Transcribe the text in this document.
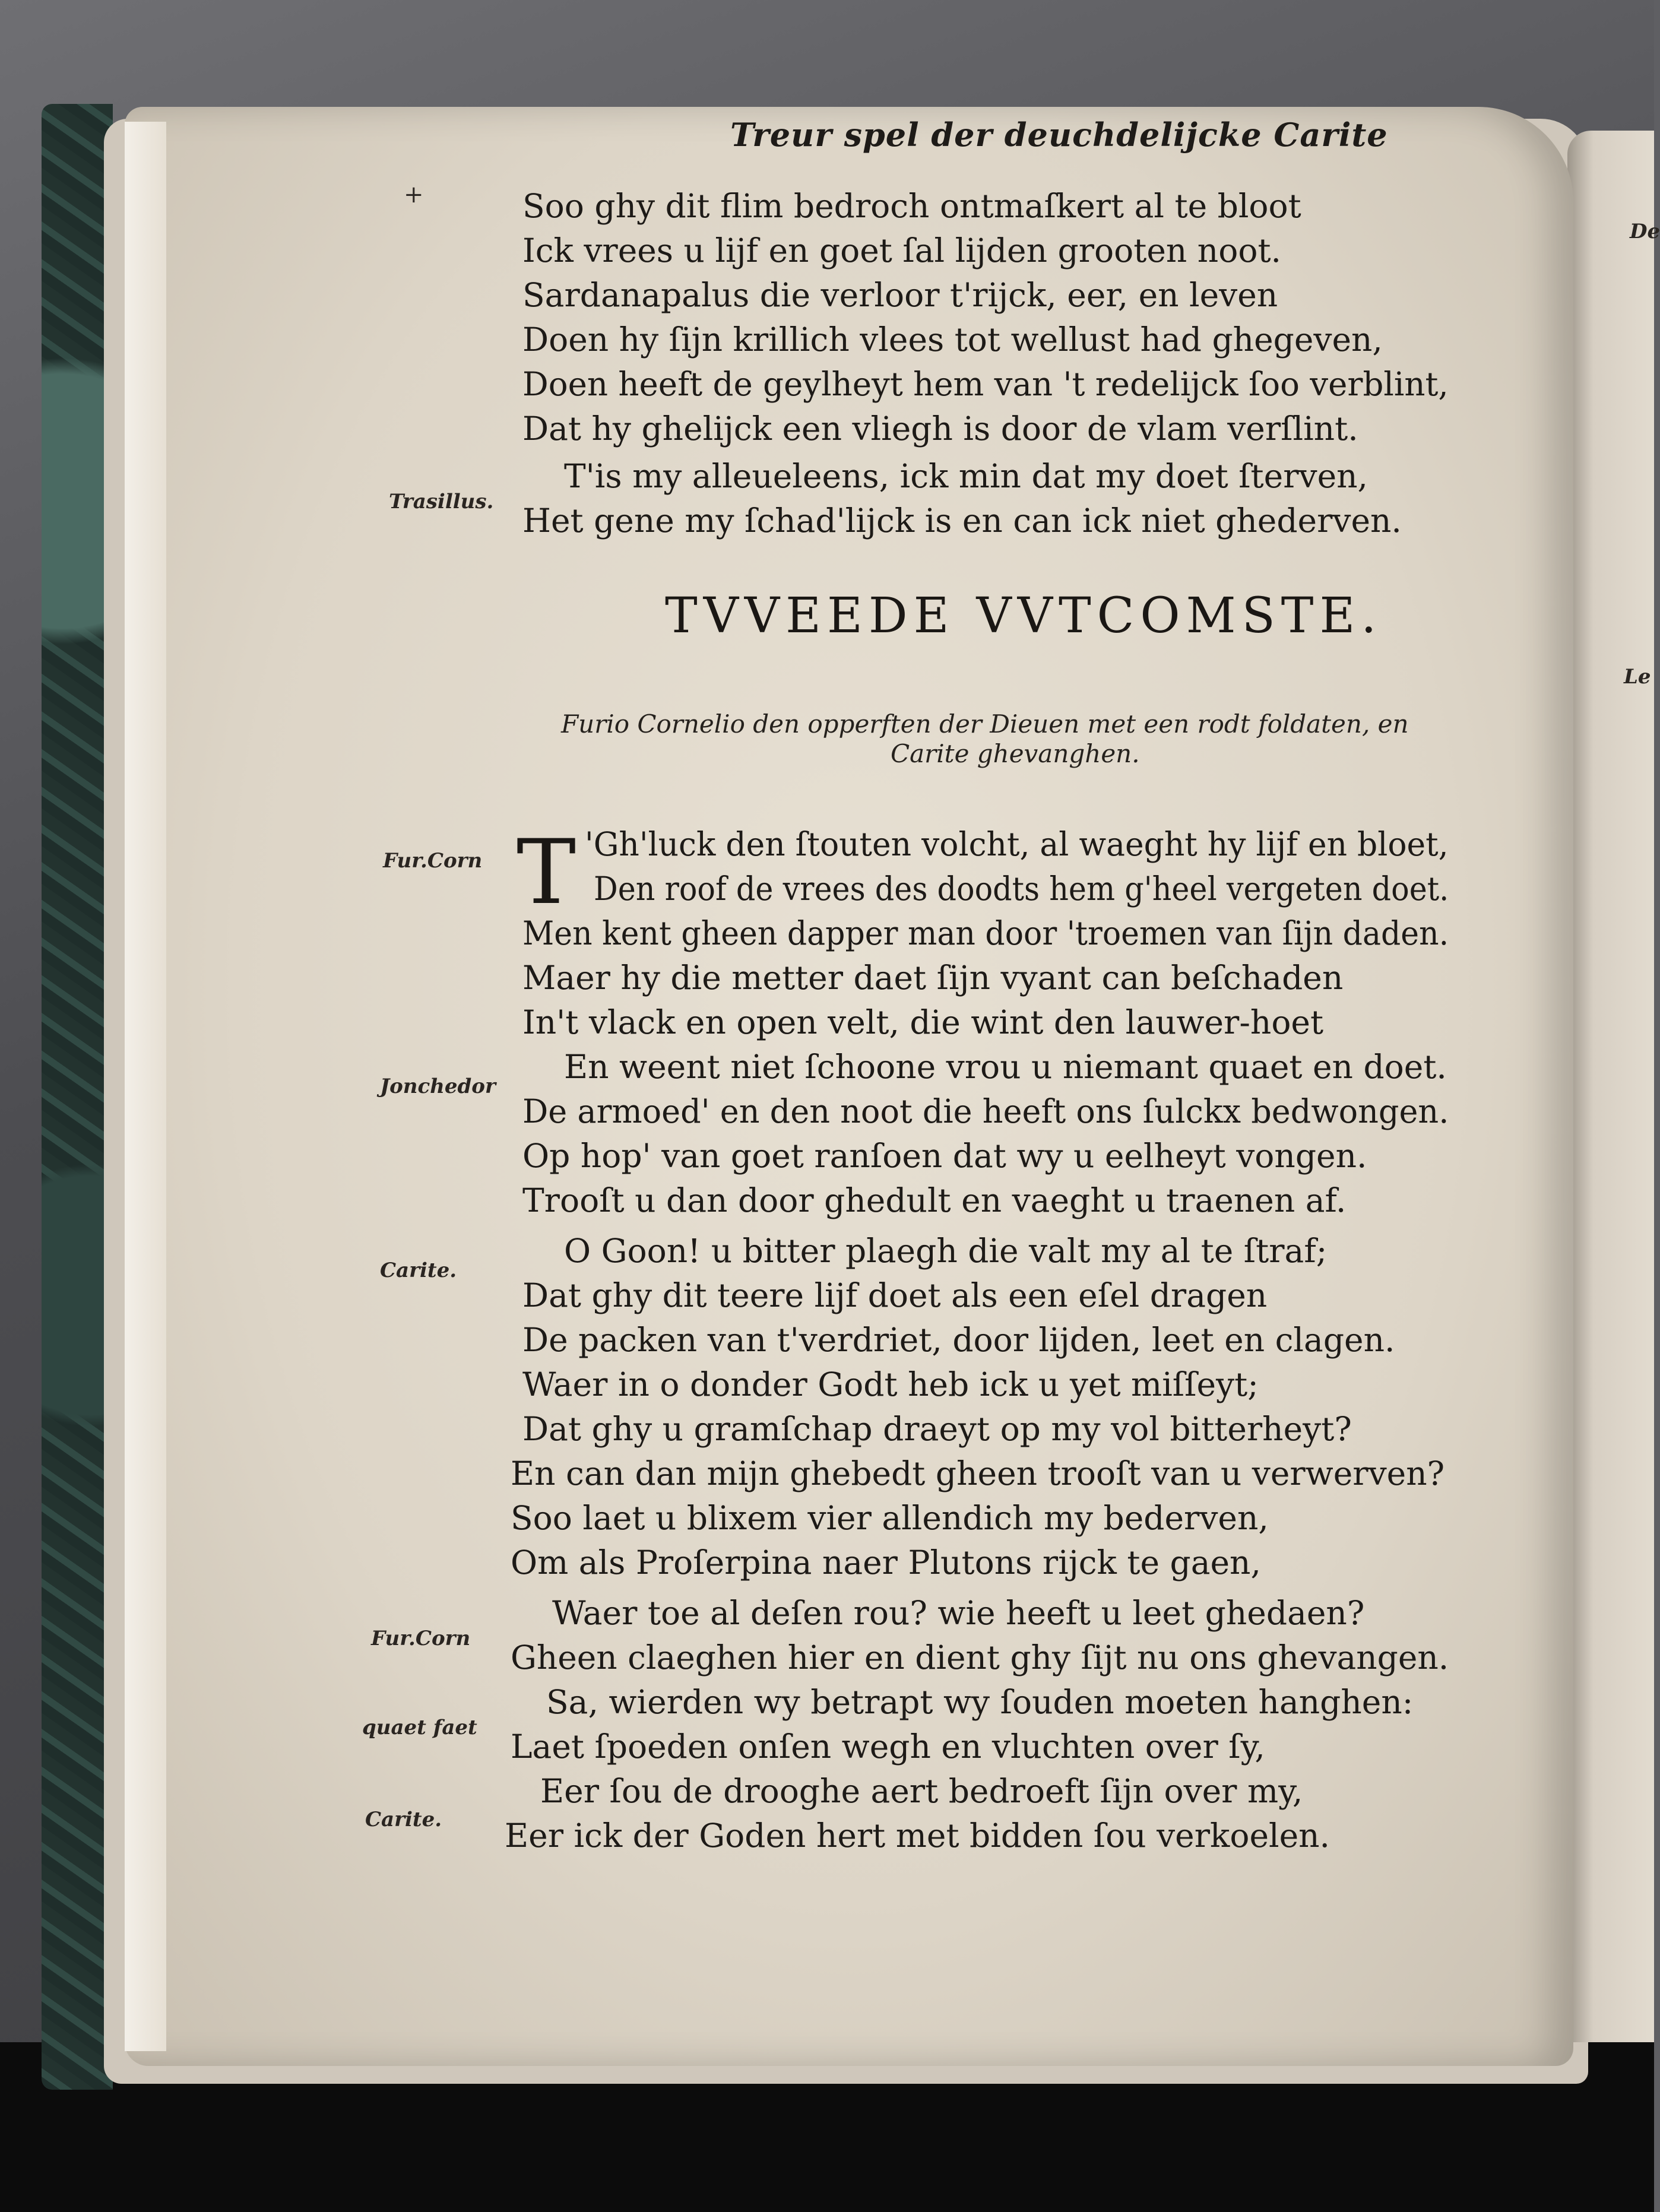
De
Le
Treur spel der deuchdelijcke Carite
+	Soo ghy dit flim bedroch ontmaſkert al te bloot
Ick vrees u lijf en goet ſal lijden grooten noot.
Sardanapalus die verloor t'rijck, eer, en leven
Doen hy ſijn krillich vlees tot wellust had ghegeven,
Doen heeft de geylheyt hem van 't redelijck ſoo verblint,
Dat hy ghelijck een vliegh is door de vlam verſlint.
Trasillus.
T'is my alleueleens, ick min dat my doet ſterven,
Het gene my ſchad'lijck is en can ick niet ghederven.
TVVEEDE VVTCOMSTE.
Furio Cornelio den opperften der Dieuen met een rodt foldaten, en
Carite ghevanghen.
Fur.Corn T 'Gh'luck den ſtouten volcht, al waeght hy lijf en bloet,
Den roof de vrees des doodts hem g'heel vergeten doet.
Men kent gheen dapper man door 'troemen van ſijn daden.
Maer hy die metter daet ſijn vyant can beſchaden
In't vlack en open velt, die wint den lauwer-hoet
Jonchedor
En weent niet ſchoone vrou u niemant quaet en doet.
De armoed' en den noot die heeft ons ſulckx bedwongen.
Op hop' van goet ranſoen dat wy u eelheyt vongen.
Trooſt u dan door ghedult en vaeght u traenen af.
Carite.
O Goon! u bitter plaegh die valt my al te ſtraf;
Dat ghy dit teere lijf doet als een eſel dragen
De packen van t'verdriet, door lijden, leet en clagen.
Waer in o donder Godt heb ick u yet miſſeyt;
Dat ghy u gramſchap draeyt op my vol bitterheyt?
En can dan mijn ghebedt gheen trooſt van u verwerven?
Soo laet u blixem vier allendich my bederven,
Om als Proſerpina naer Plutons rijck te gaen,
Fur.Corn
Waer toe al deſen rou? wie heeft u leet ghedaen?
Gheen claeghen hier en dient ghy ſijt nu ons ghevangen.
quaet faet
Sa, wierden wy betrapt wy ſouden moeten hanghen:
Laet ſpoeden onſen wegh en vluchten over ſy,
Carite.
Eer ſou de drooghe aert bedroeft ſijn over my,
Eer ick der Goden hert met bidden ſou verkoelen.
